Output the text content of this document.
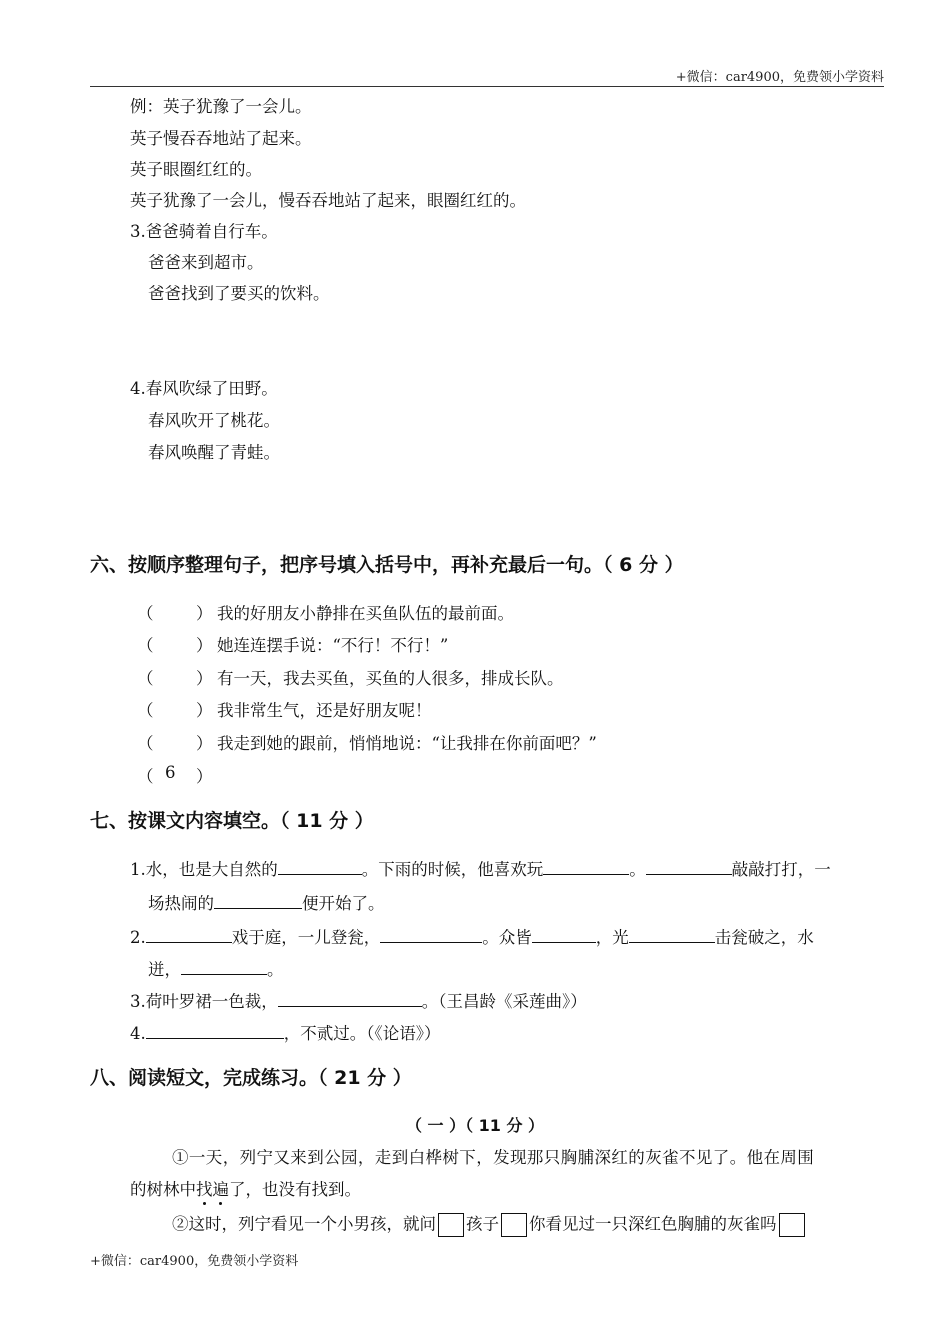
+微信：car4900，免费领小学资料
例：英子犹豫了一会儿。
英子慢吞吞地站了起来。
英子眼圈红红的。
英子犹豫了一会儿，慢吞吞地站了起来，眼圈红红的。
3.爸爸骑着自行车。
爸爸来到超市。
爸爸找到了要买的饮料。
4.春风吹绿了田野。
春风吹开了桃花。
春风唤醒了青蛙。
六、按顺序整理句子，把序号填入括号中，再补充最后一句。（ 6 分 ）
（	） 我的好朋友小静排在买鱼队伍的最前面。
（	） 她连连摆手说：“不行！不行！”
（	） 有一天，我去买鱼，买鱼的人很多，排成长队。
（	） 我非常生气，还是好朋友呢！
（	） 我走到她的跟前，悄悄地说：“让我排在你前面吧？”
（ 6 ）
七、按课文内容填空。（ 11 分 ）
1.水，也是大自然的	。下雨的时候，他喜欢玩	。	敲敲打打，一
场热闹的	便开始了。
2.	戏于庭，一儿登瓮，	。众皆	，光	击瓮破之，水
迸，	。
3.荷叶罗裙一色裁，	。（王昌龄《采莲曲》）
4.	，不贰过。（《论语》）
八、阅读短文，完成练习。（ 21 分 ）
（ 一 ）（ 11 分 ）
①一天，列宁又来到公园，走到白桦树下，发现那只胸脯深红的灰雀不见了。他在周围
的树林中找遍了，也没有找到。
②这时，列宁看见一个小男孩，就问 孩子 你看见过一只深红色胸脯的灰雀吗
+微信：car4900，免费领小学资料
